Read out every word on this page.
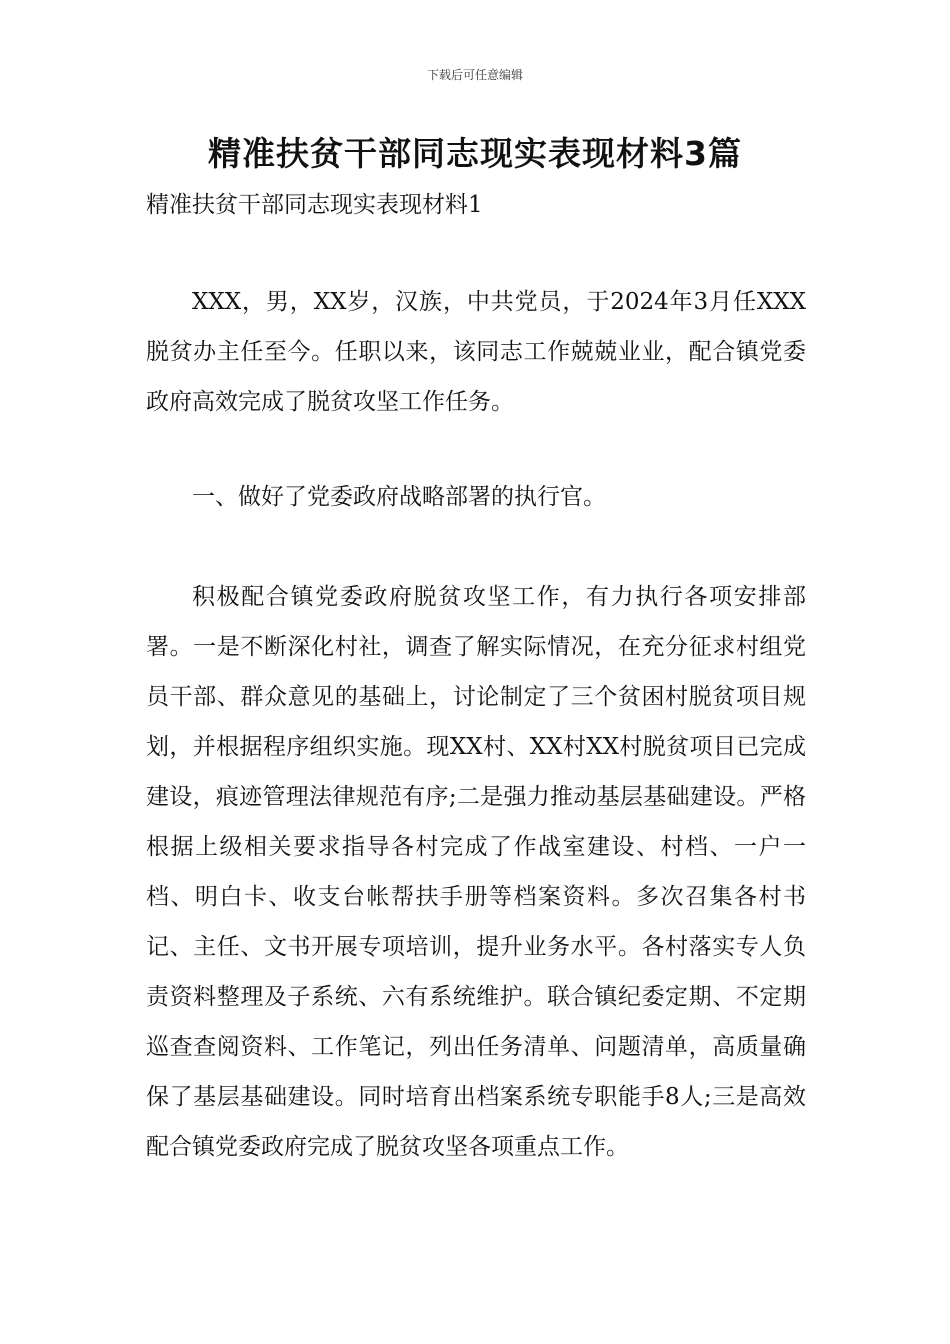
下载后可任意编辑
精准扶贫干部同志现实表现材料3篇
精准扶贫干部同志现实表现材料1

XXX，男，XX岁，汉族，中共党员，于2024年3月任XXX脱贫办主任至今。任职以来，该同志工作兢兢业业，配合镇党委政府高效完成了脱贫攻坚工作任务。

一、做好了党委政府战略部署的执行官。

积极配合镇党委政府脱贫攻坚工作，有力执行各项安排部署。一是不断深化村社，调查了解实际情况，在充分征求村组党员干部、群众意见的基础上，讨论制定了三个贫困村脱贫项目规划，并根据程序组织实施。现XX村、XX村XX村脱贫项目已完成建设，痕迹管理法律规范有序;二是强力推动基层基础建设。严格根据上级相关要求指导各村完成了作战室建设、村档、一户一档、明白卡、收支台帐帮扶手册等档案资料。多次召集各村书记、主任、文书开展专项培训，提升业务水平。各村落实专人负责资料整理及子系统、六有系统维护。联合镇纪委定期、不定期巡查查阅资料、工作笔记，列出任务清单、问题清单，高质量确保了基层基础建设。同时培育出档案系统专职能手8人;三是高效配合镇党委政府完成了脱贫攻坚各项重点工作。
